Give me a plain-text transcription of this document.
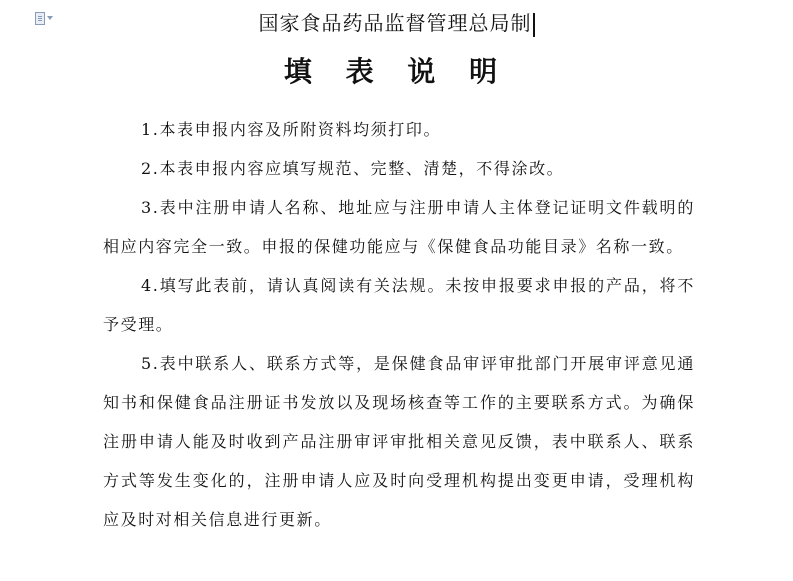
国家食品药品监督管理总局制
填 表 说 明

1.本表申报内容及所附资料均须打印。

2.本表申报内容应填写规范、完整、清楚，不得涂改。

3.表中注册申请人名称、地址应与注册申请人主体登记证明文件载明的相应内容完全一致。申报的保健功能应与《保健食品功能目录》名称一致。

4.填写此表前，请认真阅读有关法规。未按申报要求申报的产品，将不予受理。

5.表中联系人、联系方式等，是保健食品审评审批部门开展审评意见通知书和保健食品注册证书发放以及现场核查等工作的主要联系方式。为确保注册申请人能及时收到产品注册审评审批相关意见反馈，表中联系人、联系方式等发生变化的，注册申请人应及时向受理机构提出变更申请，受理机构应及时对相关信息进行更新。
